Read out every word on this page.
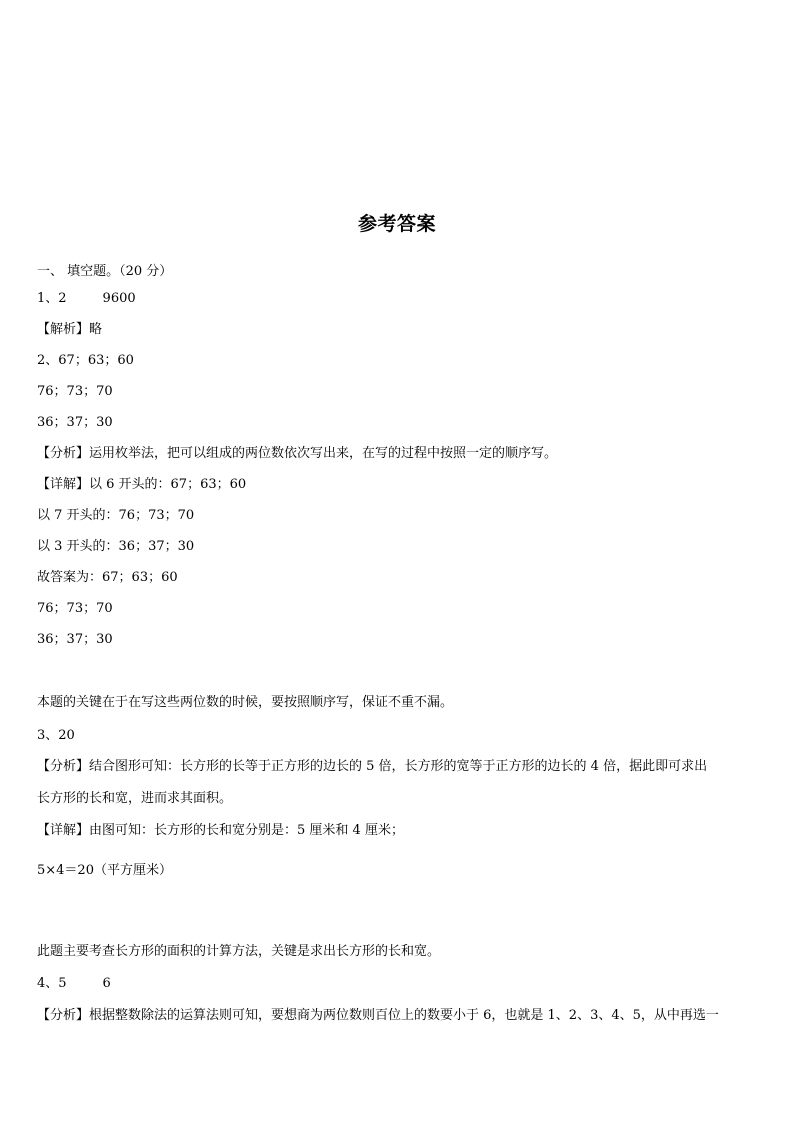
参考答案
一、 填空题。（20 分）
1、2	9600
【解析】略
2、67；63；60
76；73；70
36；37；30
【分析】运用枚举法，把可以组成的两位数依次写出来，在写的过程中按照一定的顺序写。
【详解】以 6 开头的：67；63；60
以 7 开头的：76；73；70
以 3 开头的：36；37；30
故答案为：67；63；60
76；73；70
36；37；30
本题的关键在于在写这些两位数的时候，要按照顺序写，保证不重不漏。
3、20
【分析】结合图形可知：长方形的长等于正方形的边长的 5 倍，长方形的宽等于正方形的边长的 4 倍，据此即可求出
长方形的长和宽，进而求其面积。
【详解】由图可知：长方形的长和宽分别是：5 厘米和 4 厘米；
5×4＝20（平方厘米）
此题主要考查长方形的面积的计算方法，关键是求出长方形的长和宽。
4、5	6
【分析】根据整数除法的运算法则可知，要想商为两位数则百位上的数要小于 6，也就是 1、2、3、4、5，从中再选一
